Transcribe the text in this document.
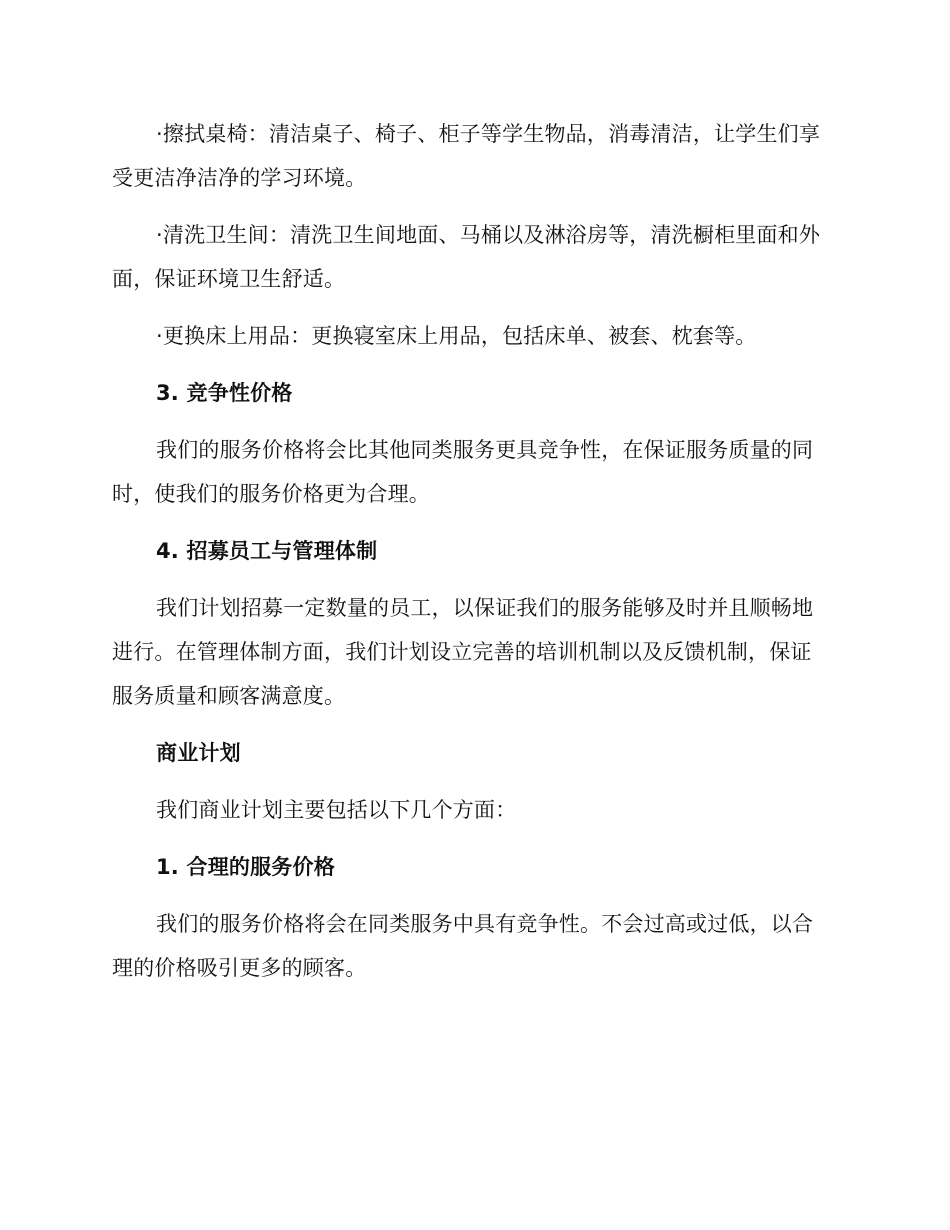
·擦拭桌椅：清洁桌子、椅子、柜子等学生物品，消毒清洁，让学生们享受更洁净洁净的学习环境。

·清洗卫生间：清洗卫生间地面、马桶以及淋浴房等，清洗橱柜里面和外面，保证环境卫生舒适。

·更换床上用品：更换寝室床上用品，包括床单、被套、枕套等。

3. 竞争性价格

我们的服务价格将会比其他同类服务更具竞争性，在保证服务质量的同时，使我们的服务价格更为合理。

4. 招募员工与管理体制

我们计划招募一定数量的员工，以保证我们的服务能够及时并且顺畅地进行。在管理体制方面，我们计划设立完善的培训机制以及反馈机制，保证服务质量和顾客满意度。

商业计划

我们商业计划主要包括以下几个方面：

1. 合理的服务价格

我们的服务价格将会在同类服务中具有竞争性。不会过高或过低，以合理的价格吸引更多的顾客。
